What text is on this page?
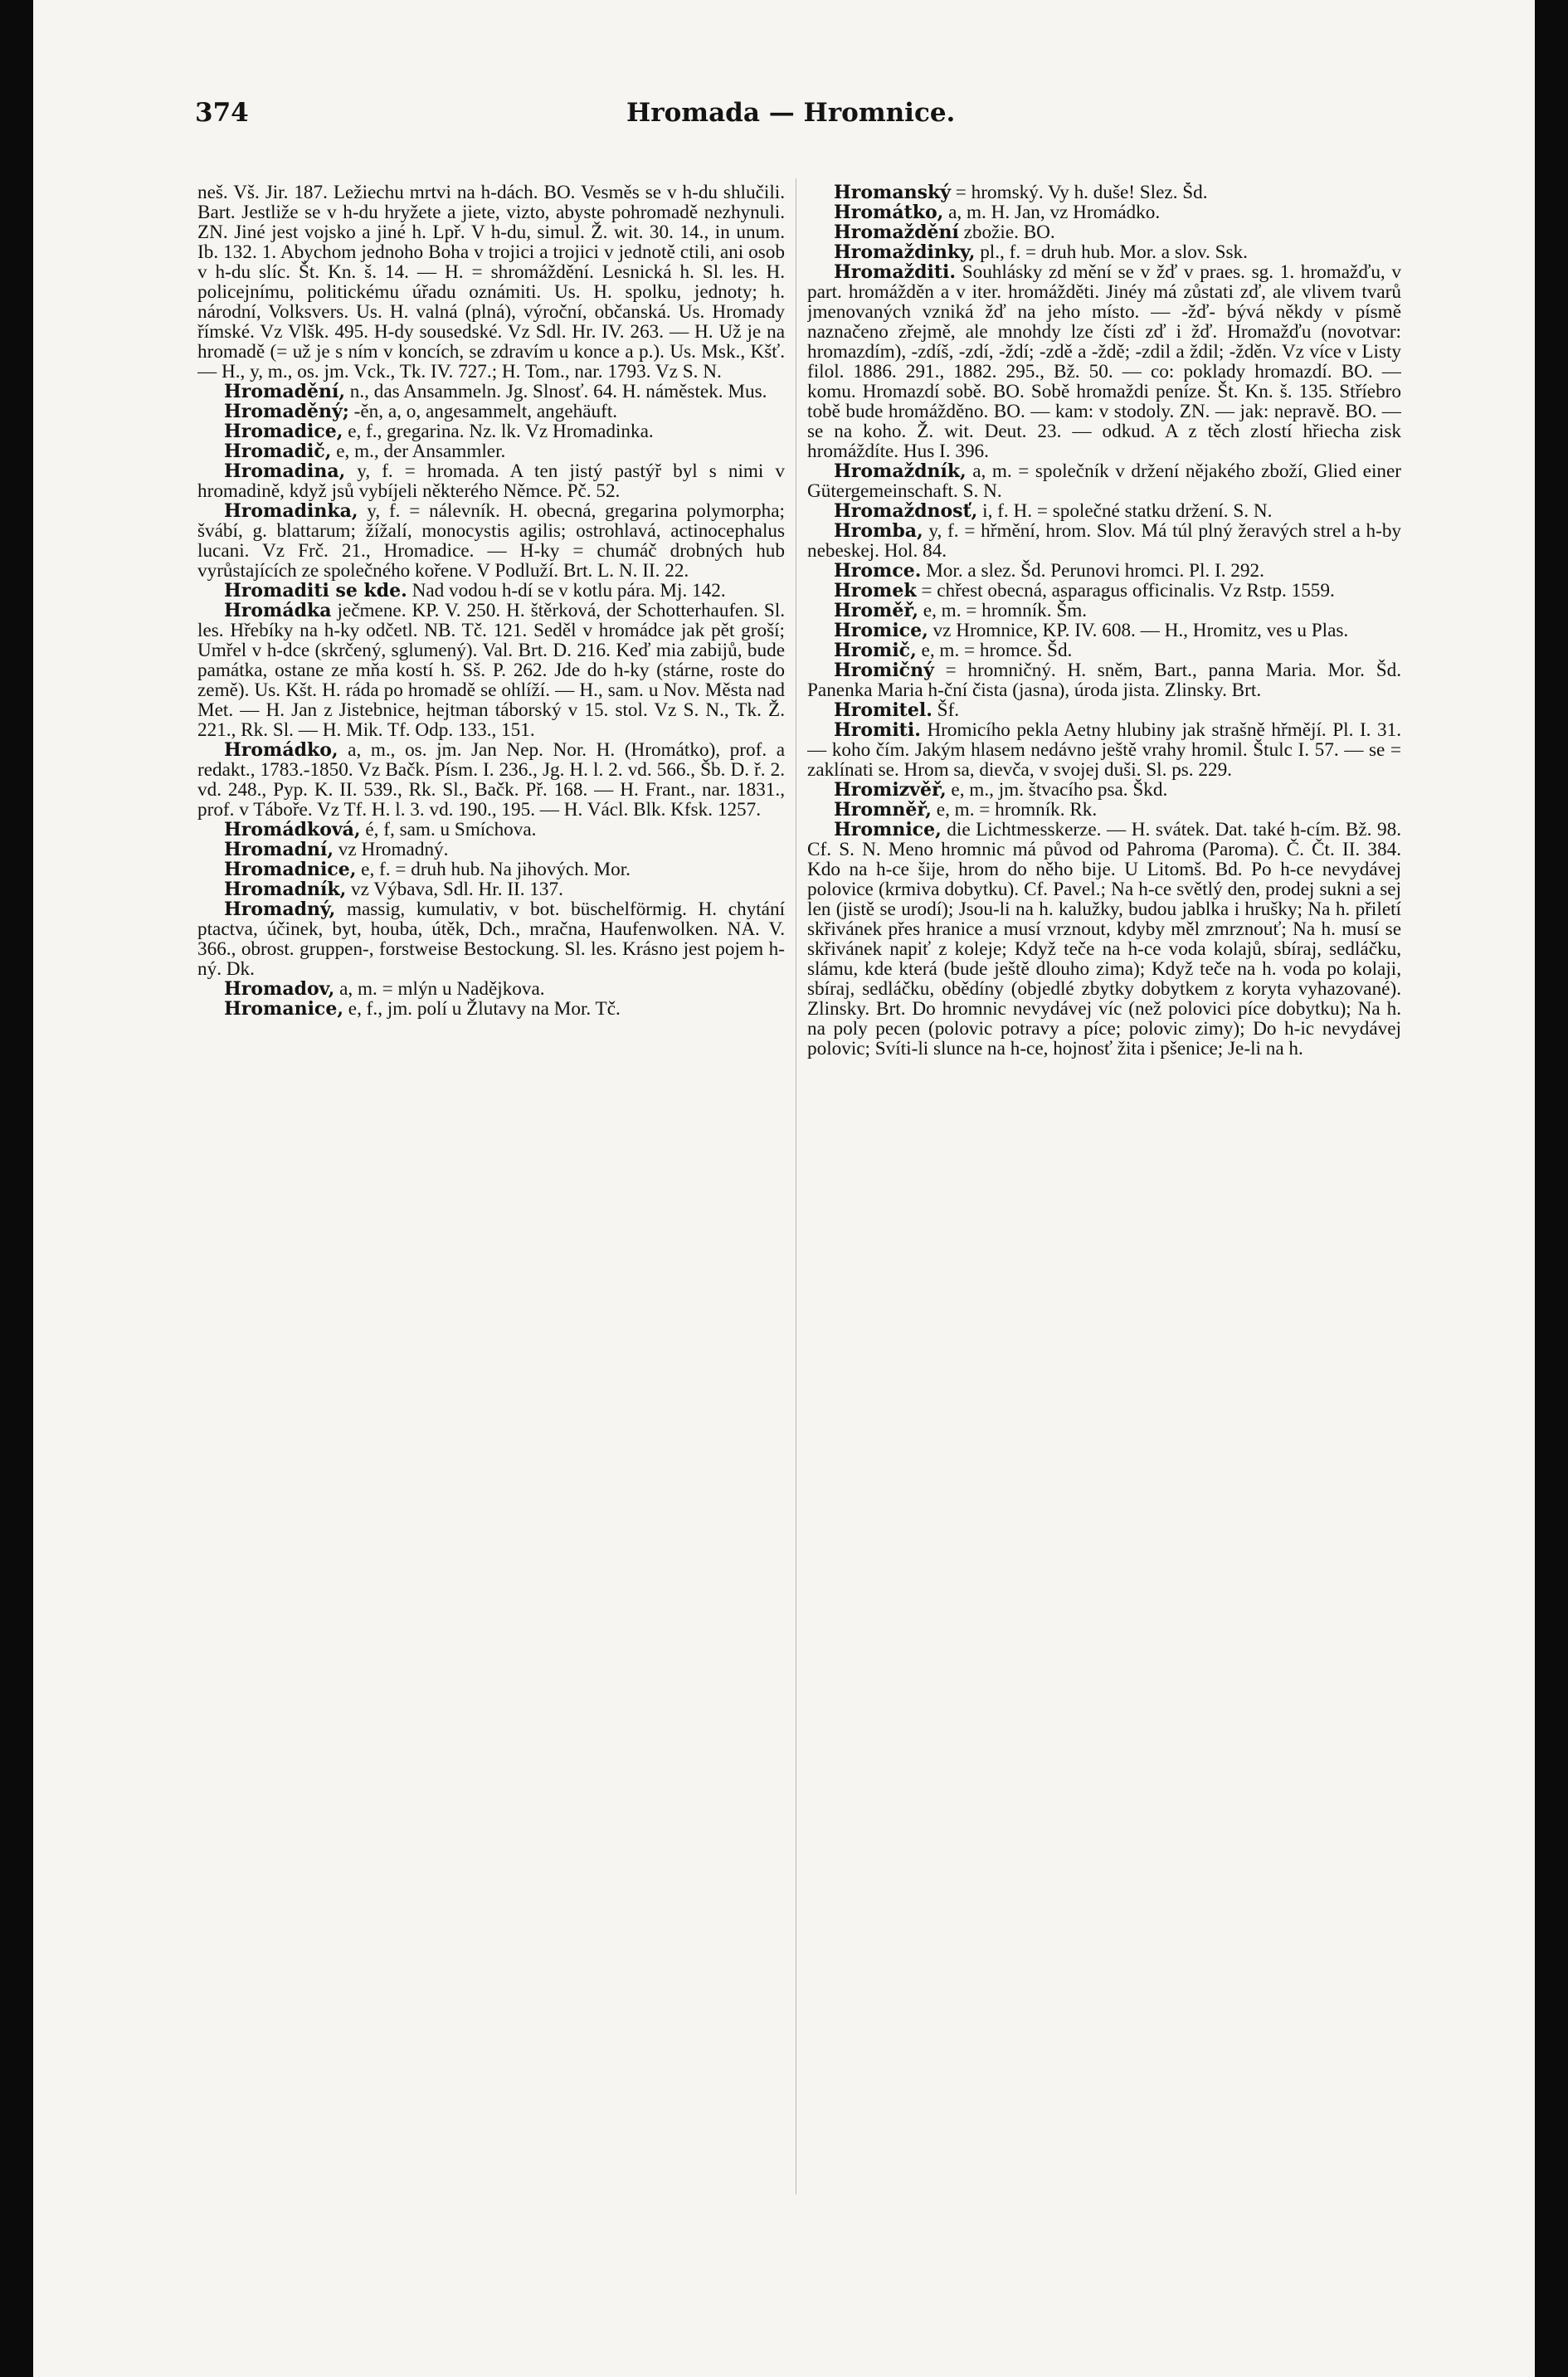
374	Hromada — Hromnice.

neš. Vš. Jir. 187. Ležiechu mrtvi na h-dách. BO. Vesměs se v h-du shlučili. Bart. Jestliže se v h-du hryžete a jiete, vizto, abyste pohromadě nezhynuli. ZN. Jiné jest vojsko a jiné h. Lpř. V h-du, simul. Ž. wit. 30. 14., in unum. Ib. 132. 1. Abychom jednoho Boha v trojici a trojici v jednotě ctili, ani osob v h-du slíc. Št. Kn. š. 14. — H. = shromáždění. Lesnická h. Sl. les. H. policejnímu, politickému úřadu oznámiti. Us. H. spolku, jednoty; h. národní, Volksvers. Us. H. valná (plná), výroční, občanská. Us. Hromady římské. Vz Vlšk. 495. H-dy sousedské. Vz Sdl. Hr. IV. 263. — H. Už je na hromadě (= už je s ním v koncích, se zdravím u konce a p.). Us. Msk., Kšť. — H., y, m., os. jm. Vck., Tk. IV. 727.; H. Tom., nar. 1793. Vz S. N.

Hromadění, n., das Ansammeln. Jg. Slnosť. 64. H. náměstek. Mus.

Hromaděný; -ěn, a, o, angesammelt, angehäuft.

Hromadice, e, f., gregarina. Nz. lk. Vz Hromadinka.

Hromadič, e, m., der Ansammler.

Hromadina, y, f. = hromada. A ten jistý pastýř byl s nimi v hromadině, když jsů vybíjeli některého Němce. Pč. 52.

Hromadinka, y, f. = nálevník. H. obecná, gregarina polymorpha; švábí, g. blattarum; žížalí, monocystis agilis; ostrohlavá, actinocephalus lucani. Vz Frč. 21., Hromadice. — H-ky = chumáč drobných hub vyrůstajících ze společného kořene. V Podluží. Brt. L. N. II. 22.

Hromaditi se kde. Nad vodou h-dí se v kotlu pára. Mj. 142.

Hromádka ječmene. KP. V. 250. H. štěrková, der Schotterhaufen. Sl. les. Hřebíky na h-ky odčetl. NB. Tč. 121. Seděl v hromádce jak pět groší; Umřel v h-dce (skrčený, sglumený). Val. Brt. D. 216. Keď mia zabijů, bude památka, ostane ze mňa kostí h. Sš. P. 262. Jde do h-ky (stárne, roste do země). Us. Kšt. H. ráda po hromadě se ohlíží. — H., sam. u Nov. Města nad Met. — H. Jan z Jistebnice, hejtman táborský v 15. stol. Vz S. N., Tk. Ž. 221., Rk. Sl. — H. Mik. Tf. Odp. 133., 151.

Hromádko, a, m., os. jm. Jan Nep. Nor. H. (Hromátko), prof. a redakt., 1783.-1850. Vz Bačk. Písm. I. 236., Jg. H. l. 2. vd. 566., Šb. D. ř. 2. vd. 248., Pyp. K. II. 539., Rk. Sl., Bačk. Př. 168. — H. Frant., nar. 1831., prof. v Táboře. Vz Tf. H. l. 3. vd. 190., 195. — H. Václ. Blk. Kfsk. 1257.

Hromádková, é, f, sam. u Smíchova.

Hromadní, vz Hromadný.

Hromadnice, e, f. = druh hub. Na jihových. Mor.

Hromadník, vz Výbava, Sdl. Hr. II. 137.

Hromadný, massig, kumulativ, v bot. büschelförmig. H. chytání ptactva, účinek, byt, houba, útěk, Dch., mračna, Haufenwolken. NA. V. 366., obrost. gruppen-, forstweise Bestockung. Sl. les. Krásno jest pojem h-ný. Dk.

Hromadov, a, m. = mlýn u Nadějkova.

Hromanice, e, f., jm. polí u Žlutavy na Mor. Tč.

Hromanský = hromský. Vy h. duše! Slez. Šd.

Hromátko, a, m. H. Jan, vz Hromádko.

Hromaždění zbožie. BO.

Hromaždinky, pl., f. = druh hub. Mor. a slov. Ssk.

Hromažditi. Souhlásky zd mění se v žď v praes. sg. 1. hromažďu, v part. hromážděn a v iter. hromážděti. Jinéy má zůstati zď, ale vlivem tvarů jmenovaných vzniká žď na jeho místo. — -žď- bývá někdy v písmě naznačeno zřejmě, ale mnohdy lze čísti zď i žď. Hromažďu (novotvar: hromazdím), -zdíš, -zdí, -ždí; -zdě a -ždě; -zdil a ždil; -žděn. Vz více v Listy filol. 1886. 291., 1882. 295., Bž. 50. — co: poklady hromazdí. BO. — komu. Hromazdí sobě. BO. Sobě hromaždi peníze. Št. Kn. š. 135. Stříebro tobě bude hromážděno. BO. — kam: v stodoly. ZN. — jak: nepravě. BO. — se na koho. Ž. wit. Deut. 23. — odkud. A z těch zlostí hřiecha zisk hromáždíte. Hus I. 396.

Hromaždník, a, m. = společník v držení nějakého zboží, Glied einer Gütergemeinschaft. S. N.

Hromaždnosť, i, f. H. = společné statku držení. S. N.

Hromba, y, f. = hřmění, hrom. Slov. Má túl plný žeravých strel a h-by nebeskej. Hol. 84.

Hromce. Mor. a slez. Šd. Perunovi hromci. Pl. I. 292.

Hromek = chřest obecná, asparagus officinalis. Vz Rstp. 1559.

Hroměř, e, m. = hromník. Šm.

Hromice, vz Hromnice, KP. IV. 608. — H., Hromitz, ves u Plas.

Hromič, e, m. = hromce. Šd.

Hromičný = hromničný. H. sněm, Bart., panna Maria. Mor. Šd. Panenka Maria h-ční čista (jasna), úroda jista. Zlinsky. Brt.

Hromitel. Šf.

Hromiti. Hromicího pekla Aetny hlubiny jak strašně hřmějí. Pl. I. 31. — koho čím. Jakým hlasem nedávno ještě vrahy hromil. Štulc I. 57. — se = zaklínati se. Hrom sa, dievča, v svojej duši. Sl. ps. 229.

Hromizvěř, e, m., jm. štvacího psa. Škd.

Hromněř, e, m. = hromník. Rk.

Hromnice, die Lichtmesskerze. — H. svátek. Dat. také h-cím. Bž. 98. Cf. S. N. Meno hromnic má původ od Pahroma (Paroma). Č. Čt. II. 384. Kdo na h-ce šije, hrom do něho bije. U Litomš. Bd. Po h-ce nevydávej polovice (krmiva dobytku). Cf. Pavel.; Na h-ce světlý den, prodej sukni a sej len (jistě se urodí); Jsou-li na h. kalužky, budou jablka i hrušky; Na h. přiletí skřivánek přes hranice a musí vrznout, kdyby měl zmrznouť; Na h. musí se skřivánek napiť z koleje; Když teče na h-ce voda kolajů, sbíraj, sedláčku, slámu, kde která (bude ještě dlouho zima); Když teče na h. voda po kolaji, sbíraj, sedláčku, obědíny (objedlé zbytky dobytkem z koryta vyhazované). Zlinsky. Brt. Do hromnic nevydávej víc (než polovici píce dobytku); Na h. na poly pecen (polovic potravy a píce; polovic zimy); Do h-ic nevydávej polovic; Svíti-li slunce na h-ce, hojnosť žita i pšenice; Je-li na h.
